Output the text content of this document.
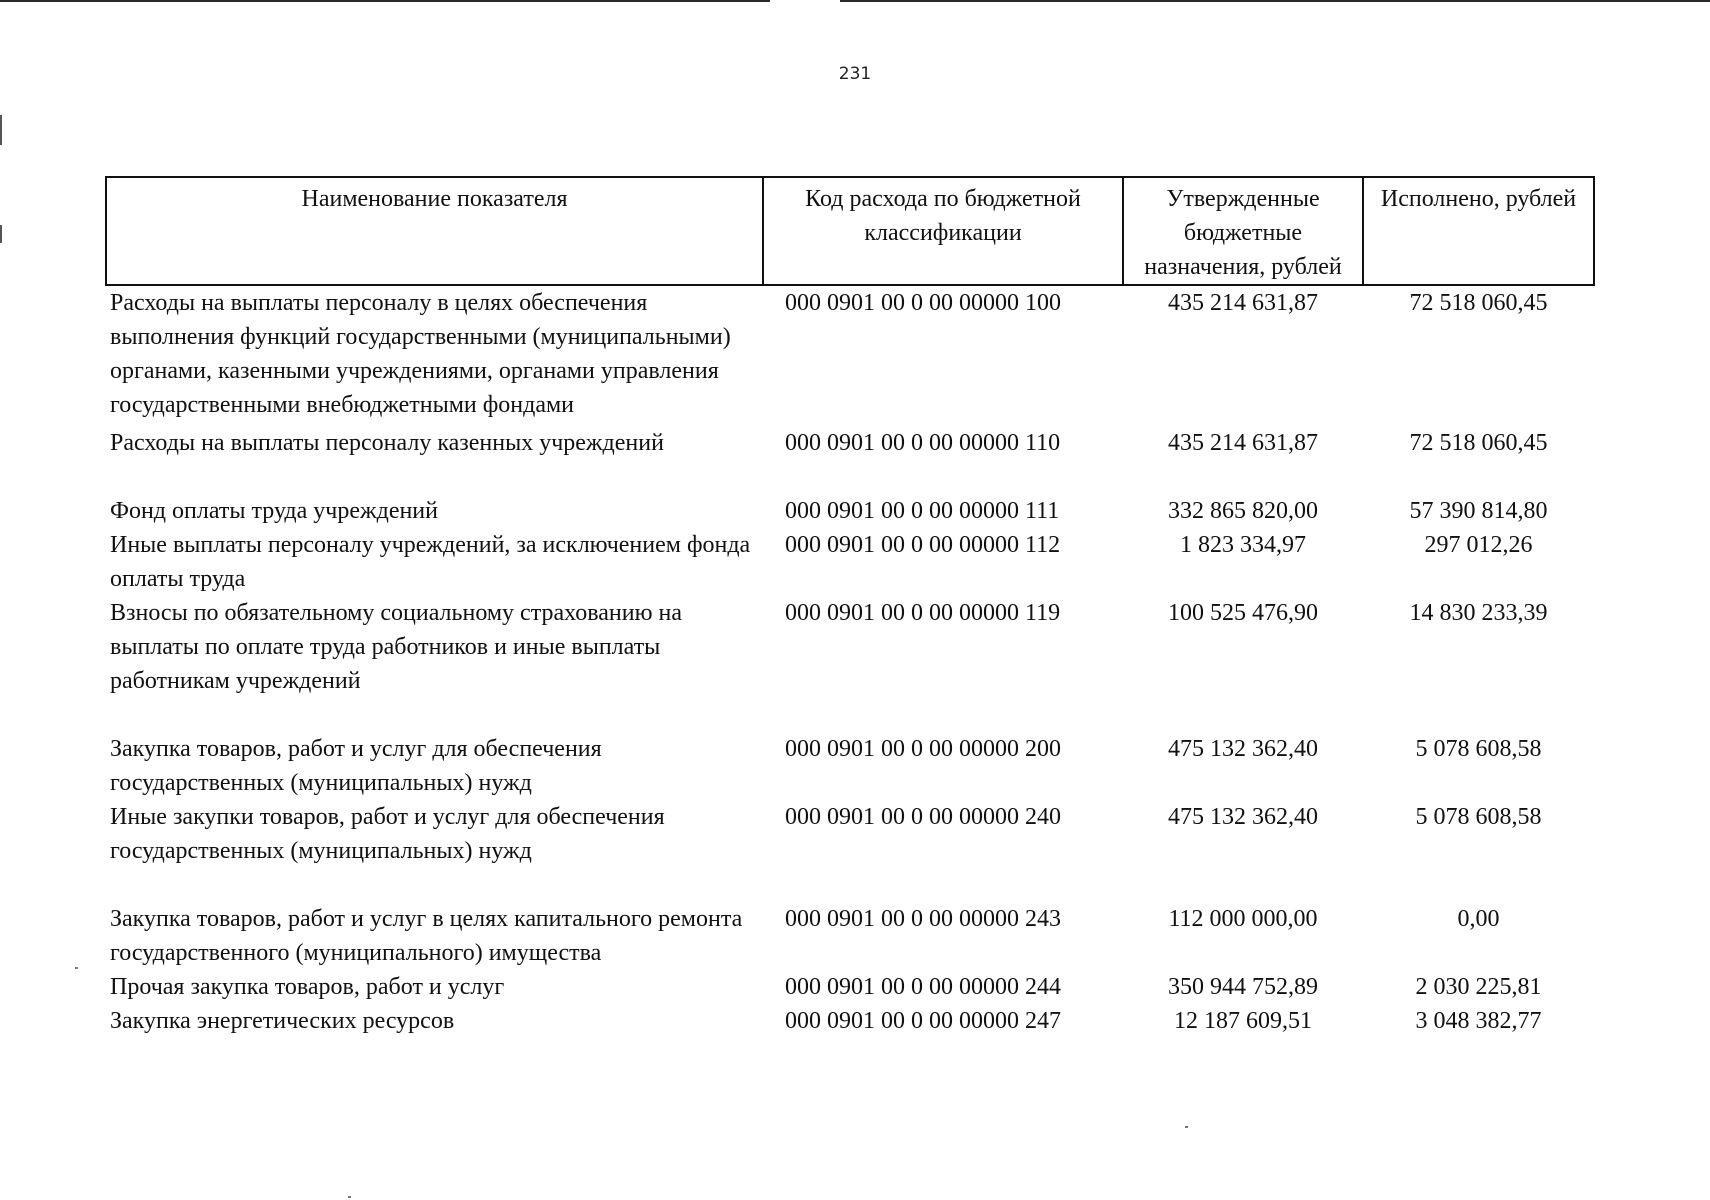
231
Наименование показателя	Код расхода по бюджетной классификации	Утвержденные бюджетные назначения, рублей	Исполнено, рублей
Расходы на выплаты персоналу в целях обеспечения выполнения функций государственными (муниципальными) органами, казенными учреждениями, органами управления государственными внебюджетными фондами	000 0901 00 0 00 00000 100	435 214 631,87	72 518 060,45
Расходы на выплаты персоналу казенных учреждений	000 0901 00 0 00 00000 110	435 214 631,87	72 518 060,45
Фонд оплаты труда учреждений	000 0901 00 0 00 00000 111	332 865 820,00	57 390 814,80
Иные выплаты персоналу учреждений, за исключением фонда оплаты труда	000 0901 00 0 00 00000 112	1 823 334,97	297 012,26
Взносы по обязательному социальному страхованию на выплаты по оплате труда работников и иные выплаты работникам учреждений	000 0901 00 0 00 00000 119	100 525 476,90	14 830 233,39
Закупка товаров, работ и услуг для обеспечения государственных (муниципальных) нужд	000 0901 00 0 00 00000 200	475 132 362,40	5 078 608,58
Иные закупки товаров, работ и услуг для обеспечения государственных (муниципальных) нужд	000 0901 00 0 00 00000 240	475 132 362,40	5 078 608,58
Закупка товаров, работ и услуг в целях капитального ремонта государственного (муниципального) имущества	000 0901 00 0 00 00000 243	112 000 000,00	0,00
Прочая закупка товаров, работ и услуг	000 0901 00 0 00 00000 244	350 944 752,89	2 030 225,81
Закупка энергетических ресурсов	000 0901 00 0 00 00000 247	12 187 609,51	3 048 382,77
